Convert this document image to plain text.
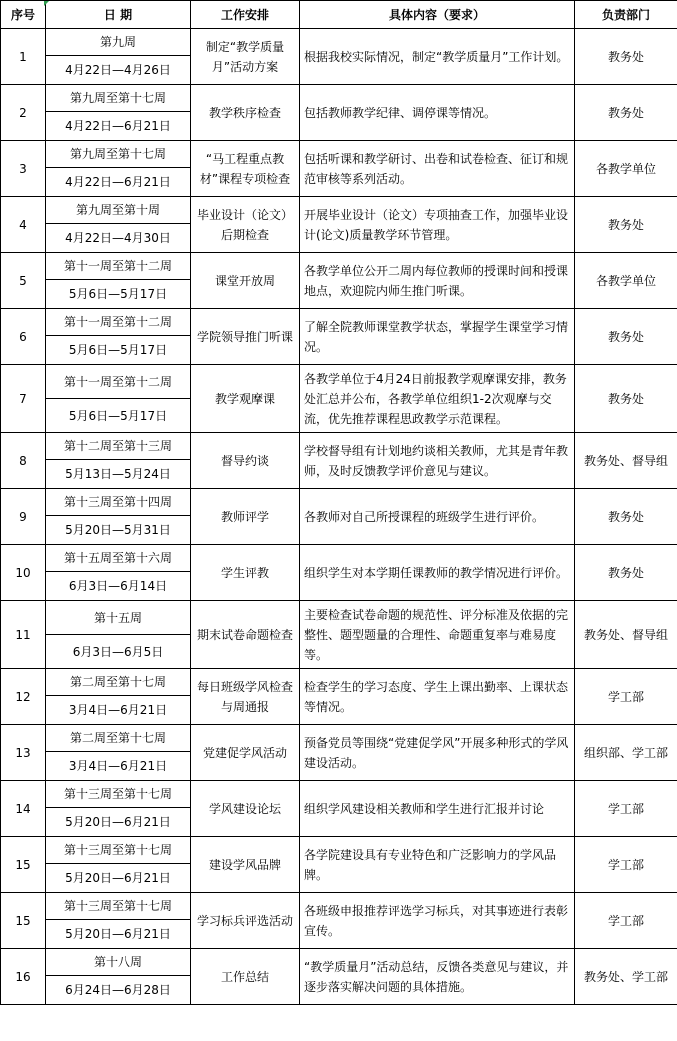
序号	日 期	工作安排	具体内容（要求）	负责部门
1	第九周	制定“教学质量月”活动方案	根据我校实际情况，制定“教学质量月”工作计划。	教务处
	4月22日—4月26日			
2	第九周至第十七周	教学秩序检查	包括教师教学纪律、调停课等情况。	教务处
	4月22日—6月21日			
3	第九周至第十七周	“马工程重点教材”课程专项检查	包括听课和教学研讨、出卷和试卷检查、征订和规范审核等系列活动。	各教学单位
	4月22日—6月21日			
4	第九周至第十周	毕业设计（论文）后期检查	开展毕业设计（论文）专项抽查工作，加强毕业设计(论文)质量教学环节管理。	教务处
	4月22日—4月30日			
5	第十一周至第十二周	课堂开放周	各教学单位公开二周内每位教师的授课时间和授课地点，欢迎院内师生推门听课。	各教学单位
	5月6日—5月17日			
6	第十一周至第十二周	学院领导推门听课	了解全院教师课堂教学状态，掌握学生课堂学习情况。	教务处
	5月6日—5月17日			
7	第十一周至第十二周	教学观摩课	各教学单位于4月24日前报教学观摩课安排，教务处汇总并公布，各教学单位组织1-2次观摩与交流，优先推荐课程思政教学示范课程。	教务处
	5月6日—5月17日			
8	第十二周至第十三周	督导约谈	学校督导组有计划地约谈相关教师，尤其是青年教师，及时反馈教学评价意见与建议。	教务处、督导组
	5月13日—5月24日			
9	第十三周至第十四周	教师评学	各教师对自己所授课程的班级学生进行评价。	教务处
	5月20日—5月31日			
10	第十五周至第十六周	学生评教	组织学生对本学期任课教师的教学情况进行评价。	教务处
	6月3日—6月14日			
11	第十五周	期末试卷命题检查	主要检查试卷命题的规范性、评分标准及依据的完整性、题型题量的合理性、命题重复率与难易度等。	教务处、督导组
	6月3日—6月5日			
12	第二周至第十七周	每日班级学风检查与周通报	检查学生的学习态度、学生上课出勤率、上课状态等情况。	学工部
	3月4日—6月21日			
13	第二周至第十七周	党建促学风活动	预备党员等围绕“党建促学风”开展多种形式的学风建设活动。	组织部、学工部
	3月4日—6月21日			
14	第十三周至第十七周	学风建设论坛	组织学风建设相关教师和学生进行汇报并讨论	学工部
	5月20日—6月21日			
15	第十三周至第十七周	建设学风品牌	各学院建设具有专业特色和广泛影响力的学风品牌。	学工部
	5月20日—6月21日			
15	第十三周至第十七周	学习标兵评选活动	各班级申报推荐评选学习标兵，对其事迹进行表彰宣传。	学工部
	5月20日—6月21日			
16	第十八周	工作总结	“教学质量月”活动总结，反馈各类意见与建议，并逐步落实解决问题的具体措施。	教务处、学工部
	6月24日—6月28日			
